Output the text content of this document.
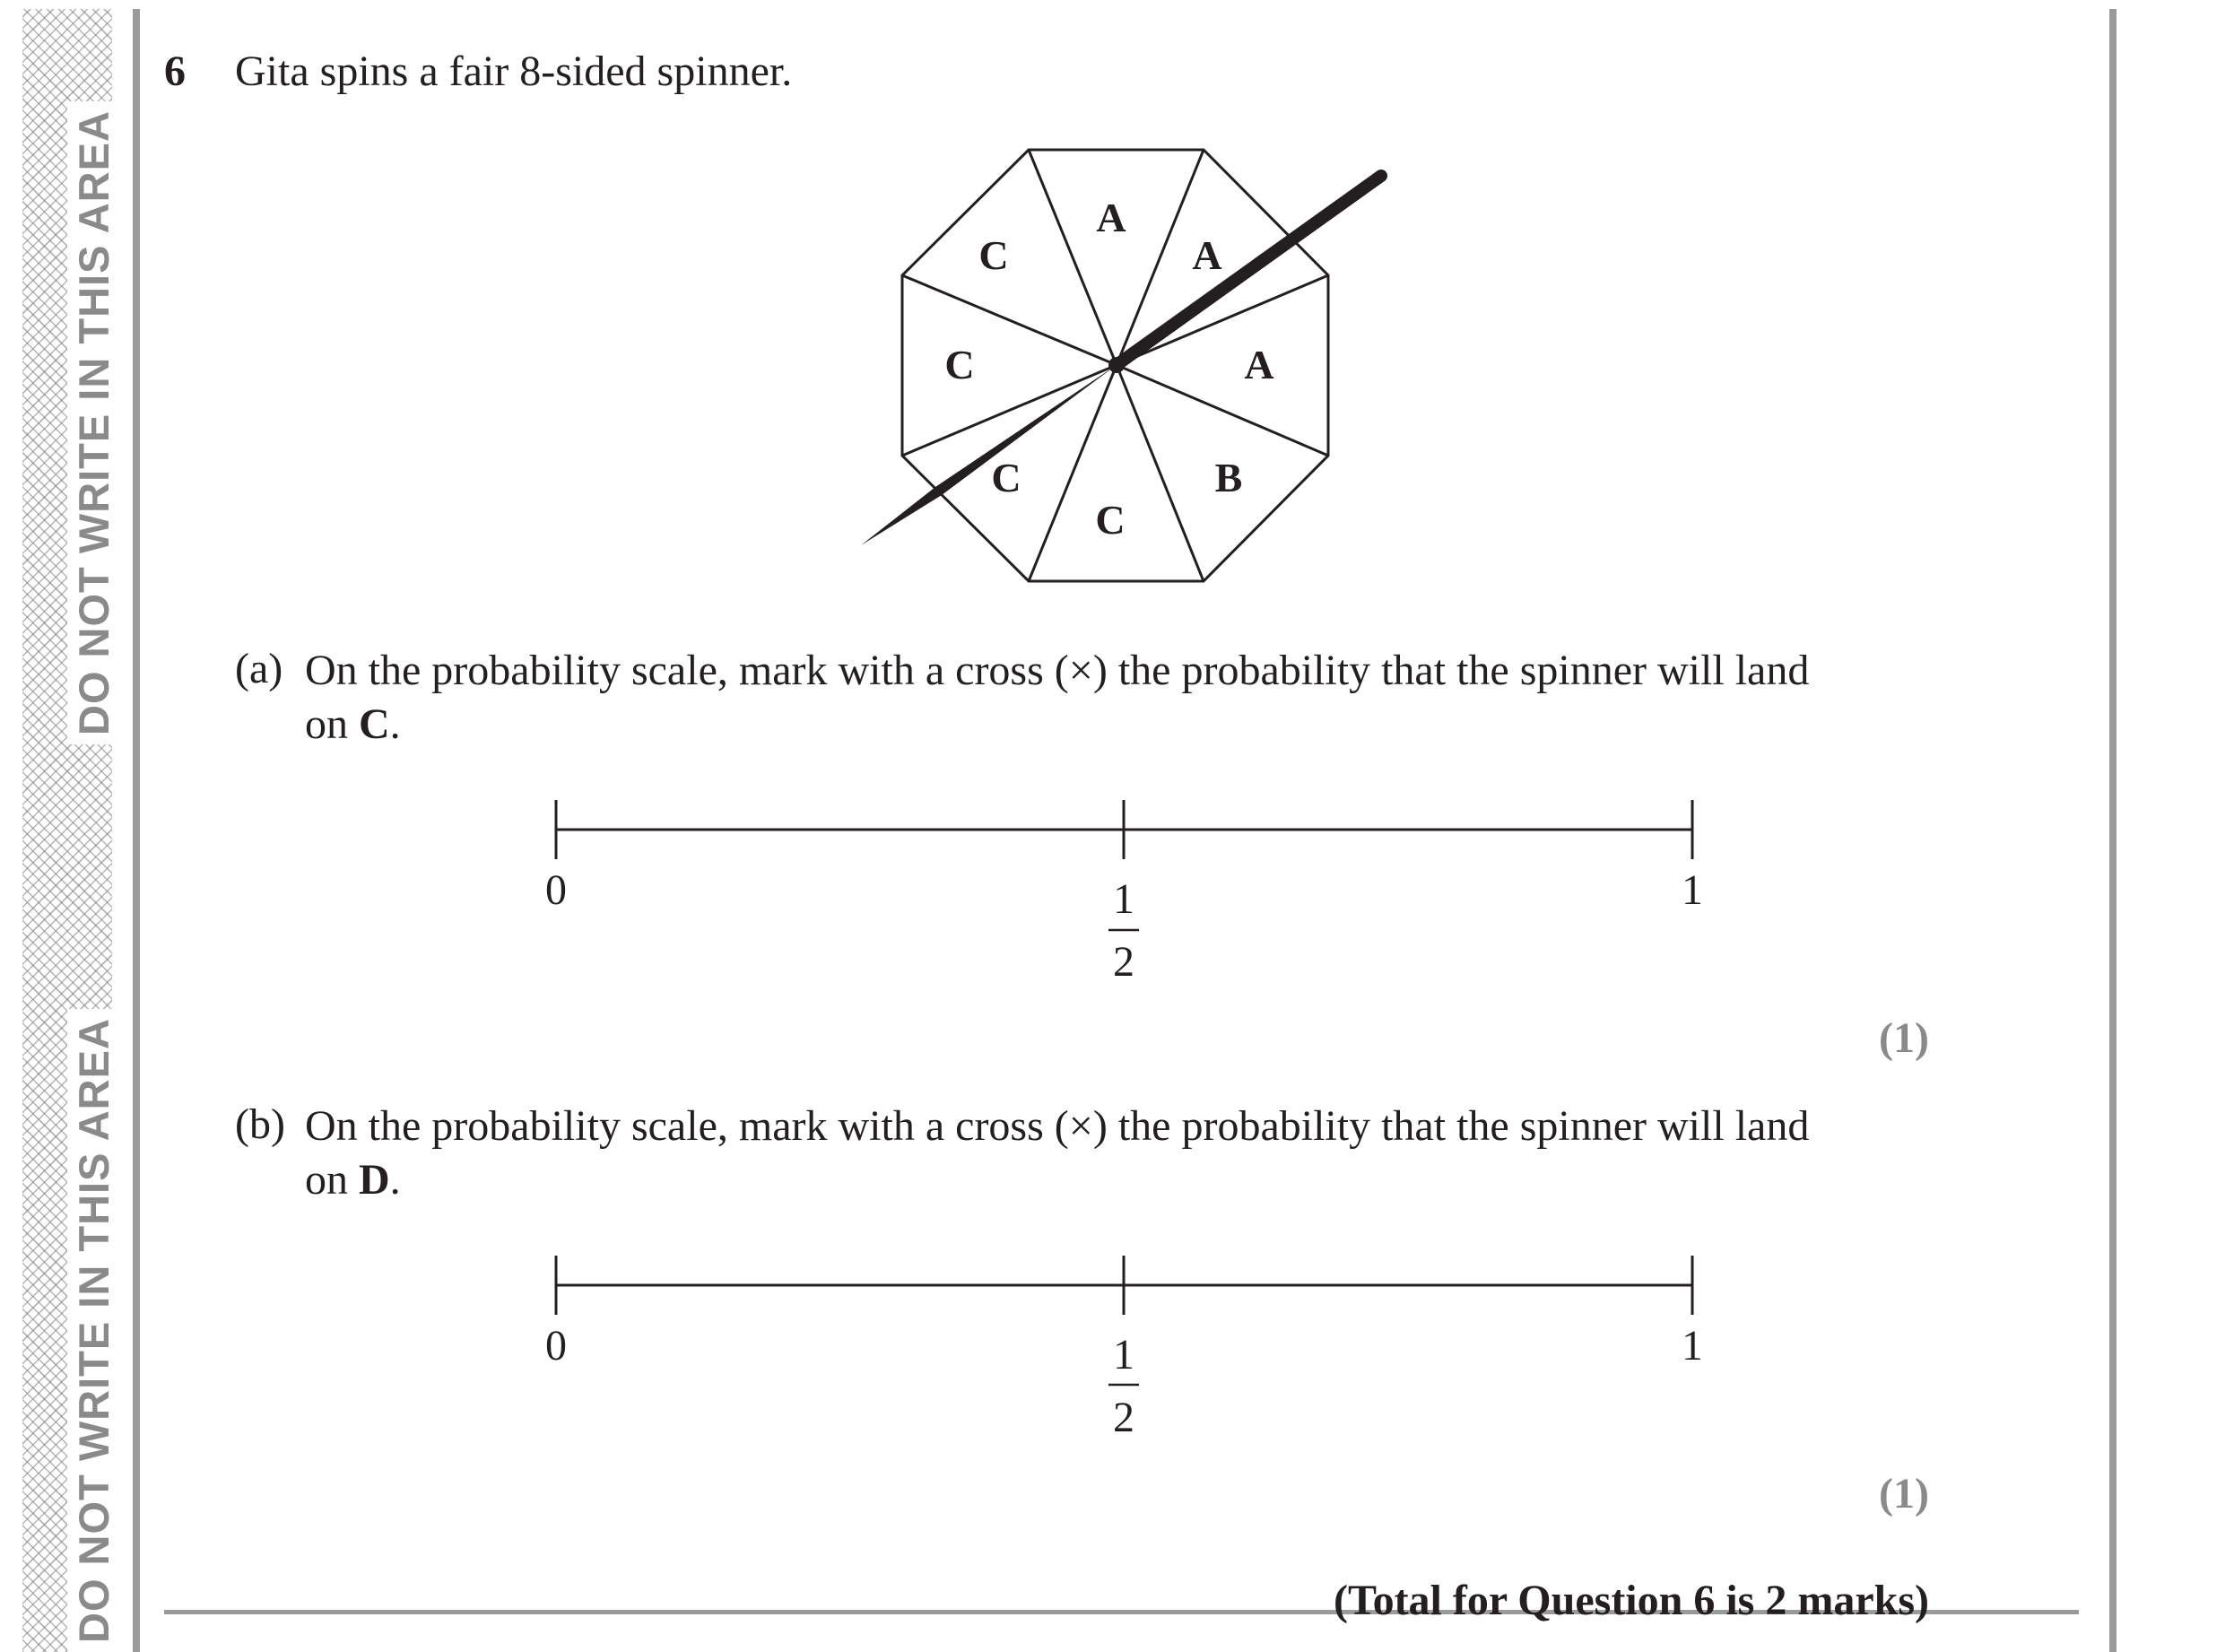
DO NOT WRITE IN THIS AREA
DO NOT WRITE IN THIS AREA
6 Gita spins a fair 8-sided spinner.
A
A
A
B
C
C
C
C
0	1
2
1
0	1
2
1
(a) On the probability scale, mark with a cross (×) the probability that the spinner will land on C.
(1)
(b) On the probability scale, mark with a cross (×) the probability that the spinner will land on D.
(1)
(Total for Question 6 is 2 marks)
